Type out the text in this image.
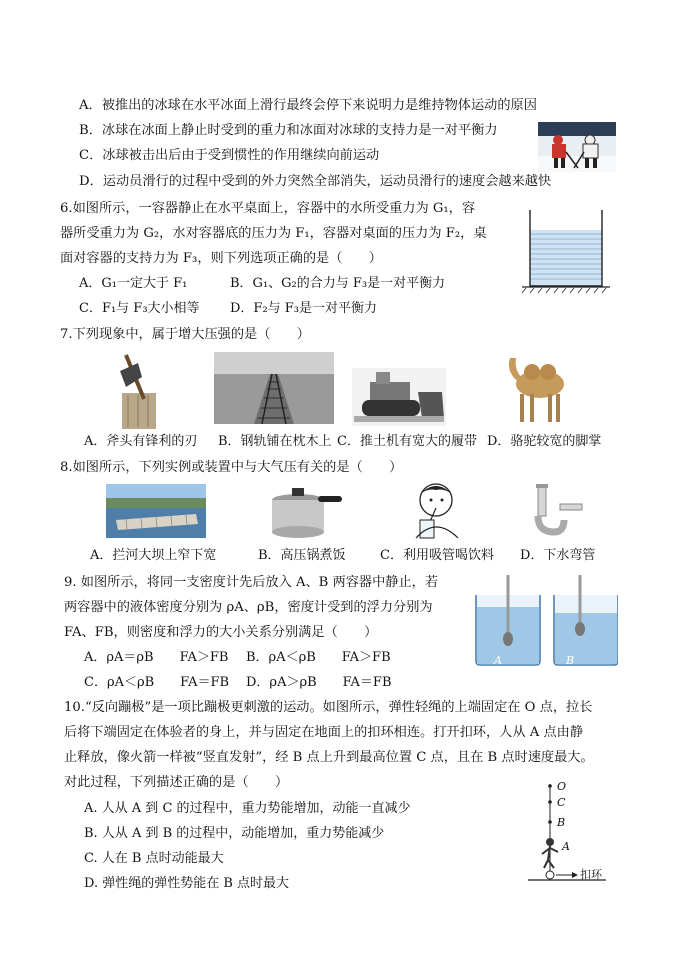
A．被推出的冰球在水平冰面上滑行最终会停下来说明力是维持物体运动的原因
B．冰球在冰面上静止时受到的重力和冰面对冰球的支持力是一对平衡力
C．冰球被击出后由于受到惯性的作用继续向前运动
D．运动员滑行的过程中受到的外力突然全部消失，运动员滑行的速度会越来越快
6.如图所示，一容器静止在水平桌面上，容器中的水所受重力为 G₁，容
器所受重力为 G₂，水对容器底的压力为 F₁，容器对桌面的压力为 F₂，桌
面对容器的支持力为 F₃，则下列选项正确的是（　　）
A．G₁一定大于 F₁	B．G₁、G₂的合力与 F₃是一对平衡力
C．F₁与 F₃大小相等 D．F₂与 F₃是一对平衡力
7.下列现象中，属于增大压强的是（　　）
A．斧头有锋利的刃 B．钢轨铺在枕木上 C．推土机有宽大的履带 D．骆驼较宽的脚掌
8.如图所示，下列实例或装置中与大气压有关的是（　　）
A．拦河大坝上窄下宽	B．高压锅煮饭	C．利用吸管喝饮料 D．下水弯管
9. 如图所示，将同一支密度计先后放入 A、B 两容器中静止，若
两容器中的液体密度分别为 ρA、ρB，密度计受到的浮力分别为
FA、FB，则密度和浮力的大小关系分别满足（　　）
A．ρA＝ρB　　FA＞FB B．ρA＜ρB　　FA＞FB
C．ρA＜ρB　　FA＝FB D．ρA＞ρB　　FA＝FB
A	B
10.“反向蹦极”是一项比蹦极更刺激的运动。如图所示，弹性轻绳的上端固定在 O 点，拉长
后将下端固定在体验者的身上，并与固定在地面上的扣环相连。打开扣环，人从 A 点由静
止释放，像火箭一样被“竖直发射”，经 B 点上升到最高位置 C 点，且在 B 点时速度最大。
对此过程，下列描述正确的是（　　）
A. 人从 A 到 C 的过程中，重力势能增加，动能一直减少
B. 人从 A 到 B 的过程中，动能增加，重力势能减少
C. 人在 B 点时动能最大
D. 弹性绳的弹性势能在 B 点时最大
O
C
B
A
扣环
